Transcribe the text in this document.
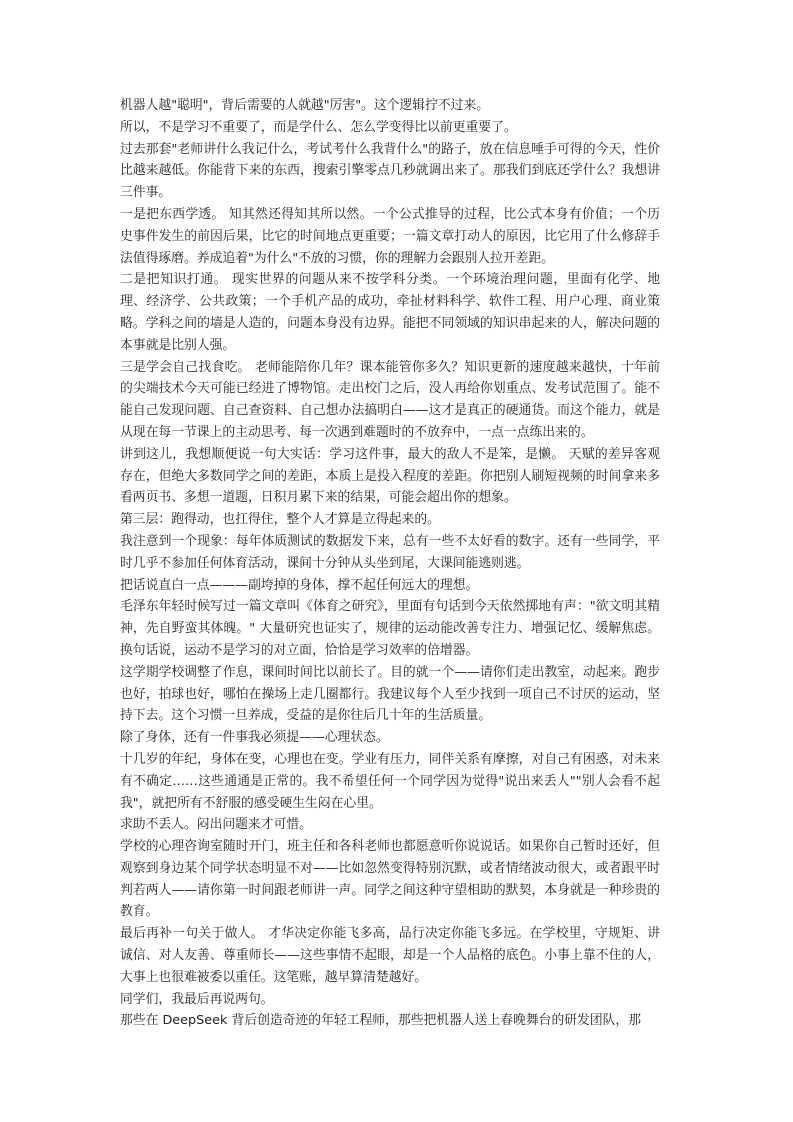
机器人越"聪明"，背后需要的人就越"厉害"。这个逻辑拧不过来。

所以，不是学习不重要了，而是学什么、怎么学变得比以前更重要了。

过去那套"老师讲什么我记什么，考试考什么我背什么"的路子，放在信息唾手可得的今天，性价比越来越低。你能背下来的东西，搜索引擎零点几秒就调出来了。那我们到底还学什么？我想讲三件事。

一是把东西学透。 知其然还得知其所以然。一个公式推导的过程，比公式本身有价值；一个历史事件发生的前因后果，比它的时间地点更重要；一篇文章打动人的原因，比它用了什么修辞手法值得琢磨。养成追着"为什么"不放的习惯，你的理解力会跟别人拉开差距。

二是把知识打通。 现实世界的问题从来不按学科分类。一个环境治理问题，里面有化学、地理、经济学、公共政策；一个手机产品的成功，牵扯材料科学、软件工程、用户心理、商业策略。学科之间的墙是人造的，问题本身没有边界。能把不同领域的知识串起来的人，解决问题的本事就是比别人强。

三是学会自己找食吃。 老师能陪你几年？课本能管你多久？知识更新的速度越来越快，十年前的尖端技术今天可能已经进了博物馆。走出校门之后，没人再给你划重点、发考试范围了。能不能自己发现问题、自己查资料、自己想办法搞明白——这才是真正的硬通货。而这个能力，就是从现在每一节课上的主动思考、每一次遇到难题时的不放弃中，一点一点练出来的。

讲到这儿，我想顺便说一句大实话：学习这件事，最大的敌人不是笨，是懒。 天赋的差异客观存在，但绝大多数同学之间的差距，本质上是投入程度的差距。你把别人刷短视频的时间拿来多看两页书、多想一道题，日积月累下来的结果，可能会超出你的想象。

第三层：跑得动，也扛得住，整个人才算是立得起来的。

我注意到一个现象：每年体质测试的数据发下来，总有一些不太好看的数字。还有一些同学，平时几乎不参加任何体育活动，课间十分钟从头坐到尾，大课间能逃则逃。

把话说直白一点———副垮掉的身体，撑不起任何远大的理想。

毛泽东年轻时候写过一篇文章叫《体育之研究》，里面有句话到今天依然掷地有声："欲文明其精神，先自野蛮其体魄。" 大量研究也证实了，规律的运动能改善专注力、增强记忆、缓解焦虑。换句话说，运动不是学习的对立面，恰恰是学习效率的倍增器。

这学期学校调整了作息，课间时间比以前长了。目的就一个——请你们走出教室，动起来。跑步也好，拍球也好，哪怕在操场上走几圈都行。我建议每个人至少找到一项自己不讨厌的运动，坚持下去。这个习惯一旦养成，受益的是你往后几十年的生活质量。

除了身体，还有一件事我必须提——心理状态。

十几岁的年纪，身体在变，心理也在变。学业有压力，同伴关系有摩擦，对自己有困惑，对未来有不确定……这些通通是正常的。我不希望任何一个同学因为觉得"说出来丢人""别人会看不起我"，就把所有不舒服的感受硬生生闷在心里。

求助不丢人。闷出问题来才可惜。

学校的心理咨询室随时开门，班主任和各科老师也都愿意听你说说话。如果你自己暂时还好，但观察到身边某个同学状态明显不对——比如忽然变得特别沉默，或者情绪波动很大，或者跟平时判若两人——请你第一时间跟老师讲一声。同学之间这种守望相助的默契，本身就是一种珍贵的教育。

最后再补一句关于做人。 才华决定你能飞多高，品行决定你能飞多远。在学校里，守规矩、讲诚信、对人友善、尊重师长——这些事情不起眼，却是一个人品格的底色。小事上靠不住的人，大事上也很难被委以重任。这笔账，越早算清楚越好。

同学们，我最后再说两句。

那些在 DeepSeek 背后创造奇迹的年轻工程师，那些把机器人送上春晚舞台的研发团队，那
